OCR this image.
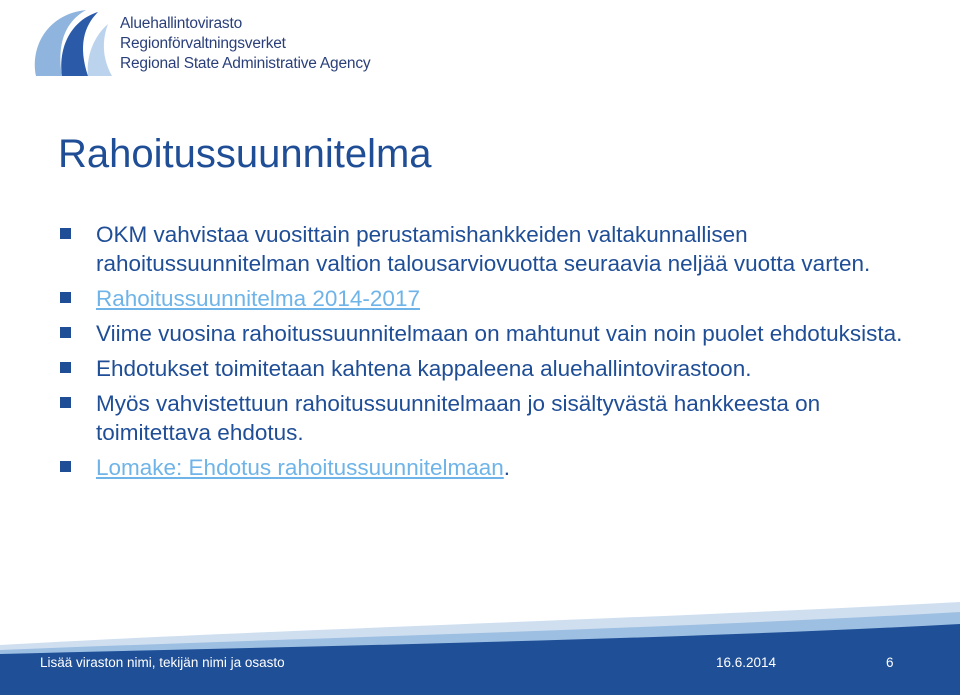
Aluehallintovirasto
Regionförvaltningsverket
Regional State Administrative Agency
Rahoitussuunnitelma
OKM vahvistaa vuosittain perustamishankkeiden valtakunnallisen rahoitussuunnitelman valtion talousarviovuotta seuraavia neljää vuotta varten.
Rahoitussuunnitelma 2014-2017
Viime vuosina rahoitussuunnitelmaan on mahtunut vain noin puolet ehdotuksista.
Ehdotukset toimitetaan kahtena kappaleena aluehallintovirastoon.
Myös vahvistettuun rahoitussuunnitelmaan jo sisältyvästä hankkeesta on toimitettava ehdotus.
Lomake: Ehdotus rahoitussuunnitelmaan.
Lisää viraston nimi, tekijän nimi ja osasto	16.6.2014	6
